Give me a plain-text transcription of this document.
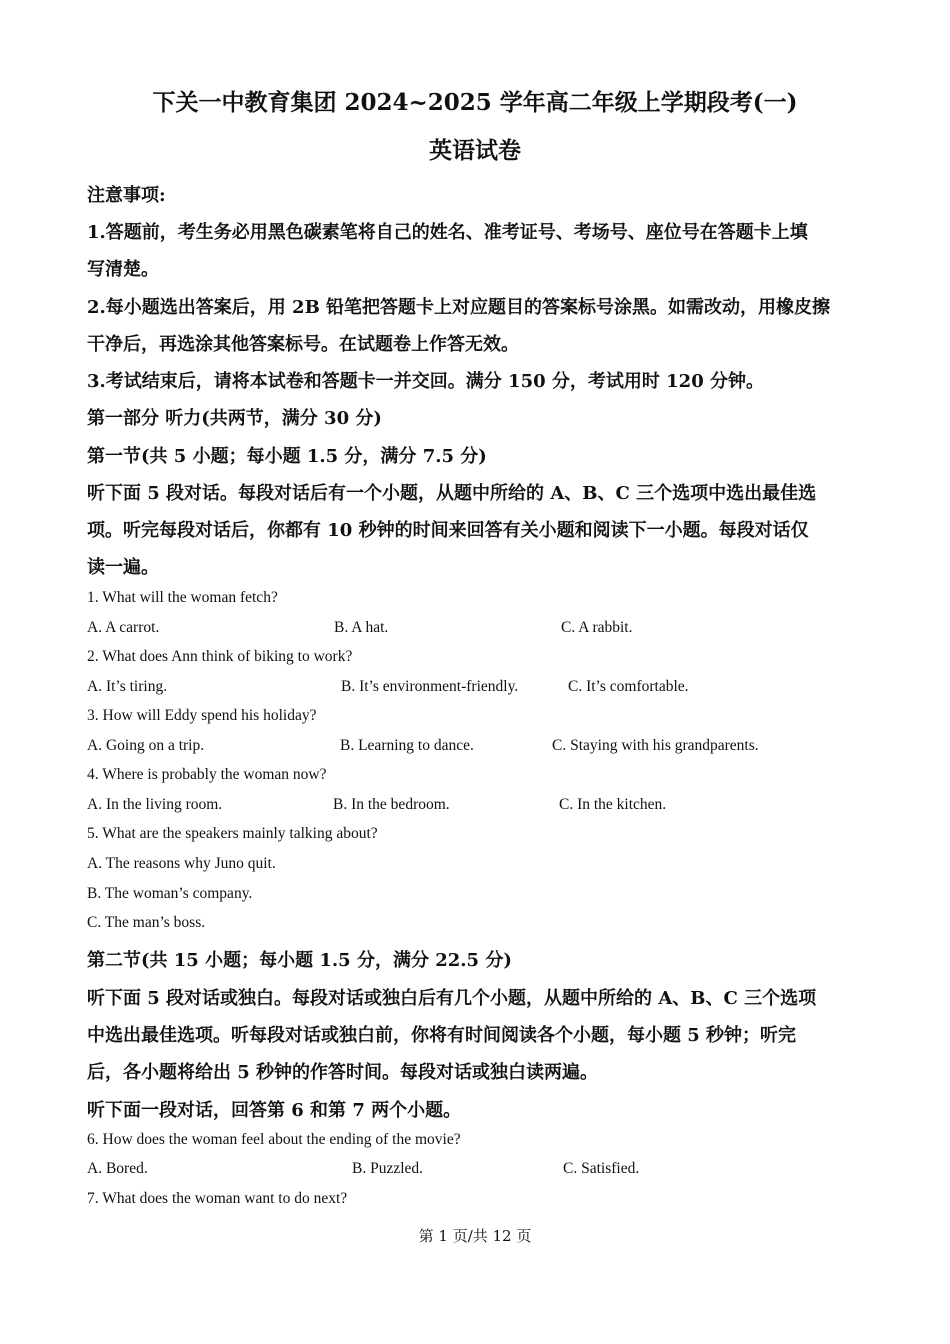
下关一中教育集团 2024~2025 学年高二年级上学期段考(一)
英语试卷
注意事项:
1.答题前，考生务必用黑色碳素笔将自己的姓名、准考证号、考场号、座位号在答题卡上填
写清楚。
2.每小题选出答案后，用 2B 铅笔把答题卡上对应题目的答案标号涂黑。如需改动，用橡皮擦
干净后，再选涂其他答案标号。在试题卷上作答无效。
3.考试结束后，请将本试卷和答题卡一并交回。满分 150 分，考试用时 120 分钟。
第一部分 听力(共两节，满分 30 分)
第一节(共 5 小题；每小题 1.5 分，满分 7.5 分)
听下面 5 段对话。每段对话后有一个小题，从题中所给的 A、B、C 三个选项中选出最佳选
项。听完每段对话后，你都有 10 秒钟的时间来回答有关小题和阅读下一小题。每段对话仅
读一遍。
1. What will the woman fetch?
A. A carrot.	B. A hat.	C. A rabbit.
2. What does Ann think of biking to work?
A. It’s tiring.	B. It’s environment-friendly.	C. It’s comfortable.
3. How will Eddy spend his holiday?
A. Going on a trip.	B. Learning to dance.	C. Staying with his grandparents.
4. Where is probably the woman now?
A. In the living room.	B. In the bedroom.	C. In the kitchen.
5. What are the speakers mainly talking about?
A. The reasons why Juno quit.
B. The woman’s company.
C. The man’s boss.
第二节(共 15 小题；每小题 1.5 分，满分 22.5 分)
听下面 5 段对话或独白。每段对话或独白后有几个小题，从题中所给的 A、B、C 三个选项
中选出最佳选项。听每段对话或独白前，你将有时间阅读各个小题，每小题 5 秒钟；听完
后，各小题将给出 5 秒钟的作答时间。每段对话或独白读两遍。
听下面一段对话，回答第 6 和第 7 两个小题。
6. How does the woman feel about the ending of the movie?
A. Bored.	B. Puzzled.	C. Satisfied.
7. What does the woman want to do next?
第 1 页/共 12 页
